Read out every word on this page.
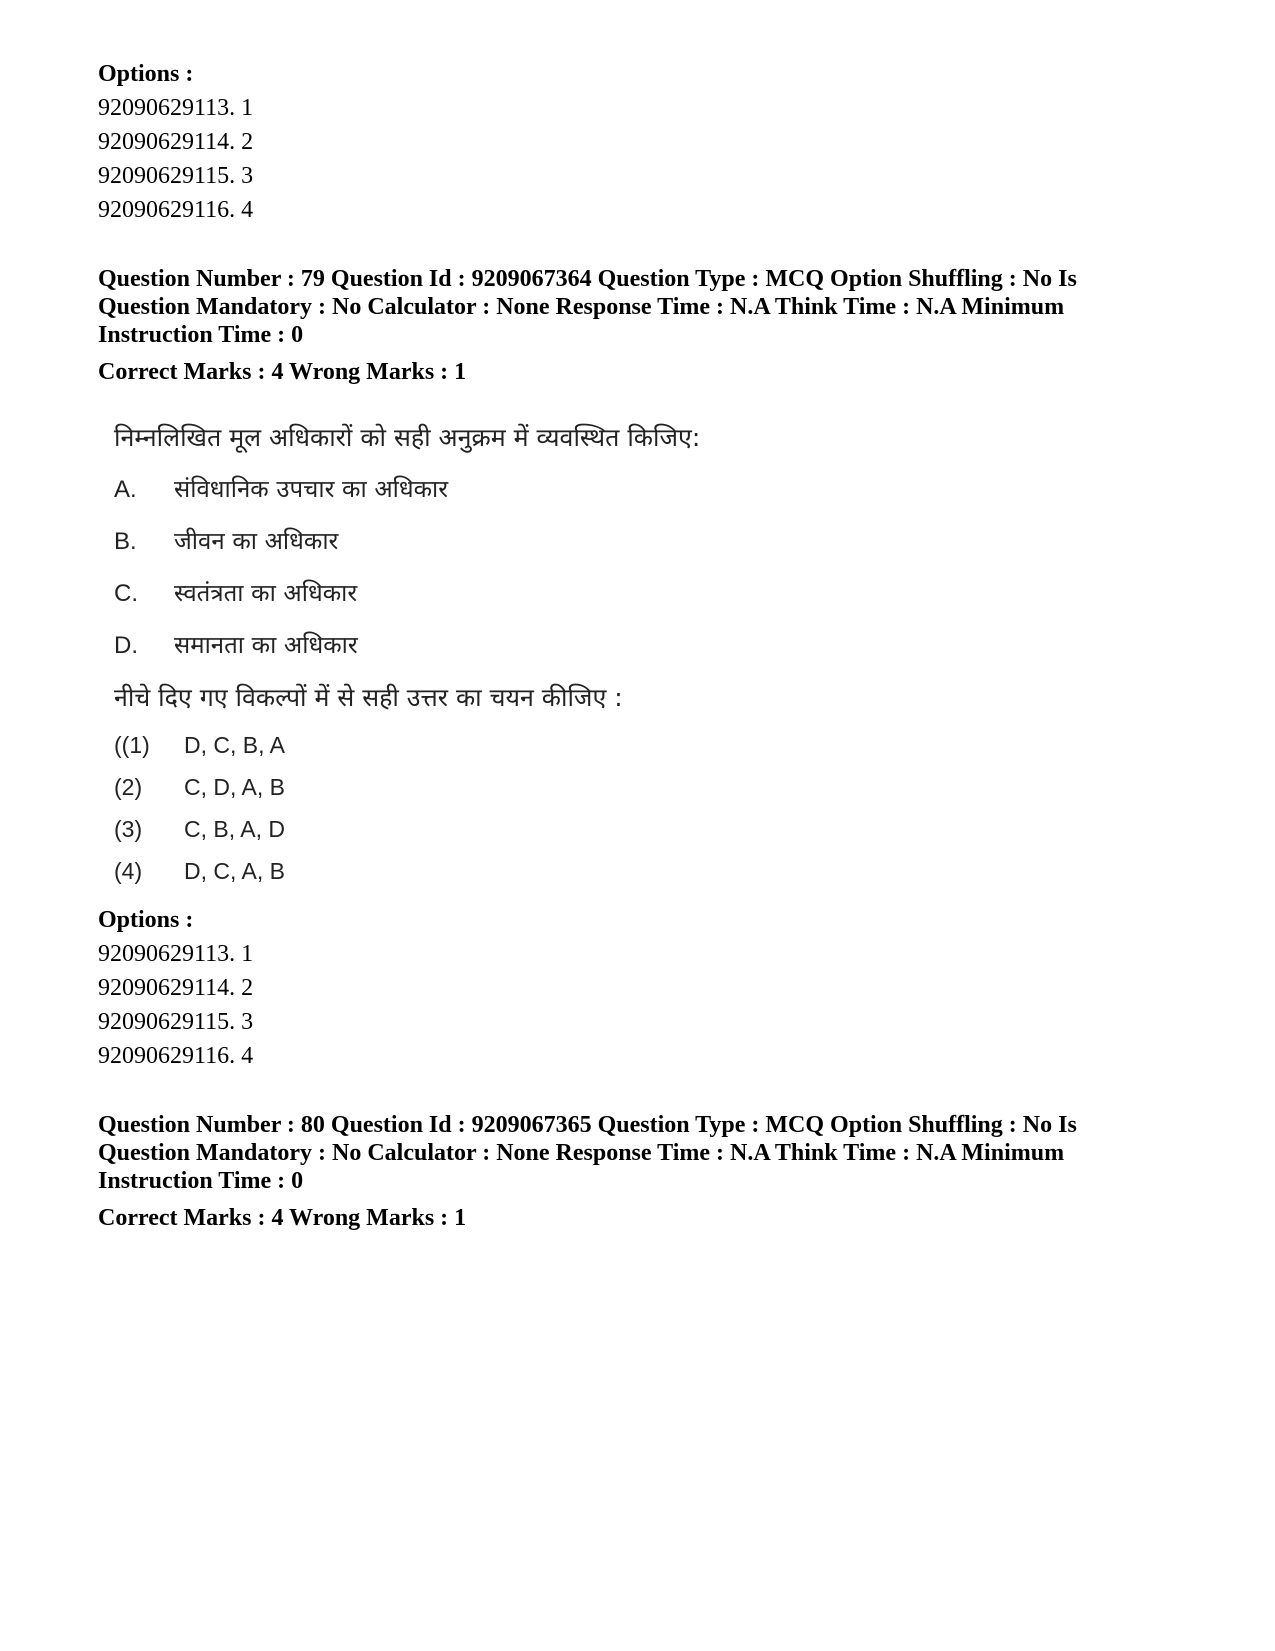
Options :
92090629113. 1
92090629114. 2
92090629115. 3
92090629116. 4
Question Number : 79 Question Id : 9209067364 Question Type : MCQ Option Shuffling : No Is
Question Mandatory : No Calculator : None Response Time : N.A Think Time : N.A Minimum
Instruction Time : 0
Correct Marks : 4 Wrong Marks : 1
निम्नलिखित मूल अधिकारों को सही अनुक्रम में व्यवस्थित किजिए:
A. संविधानिक उपचार का अधिकार
B. जीवन का अधिकार
C. स्वतंत्रता का अधिकार
D. समानता का अधिकार
नीचे दिए गए विकल्पों में से सही उत्तर का चयन कीजिए :
((1) D, C, B, A
(2) C, D, A, B
(3) C, B, A, D
(4) D, C, A, B
Options :
92090629113. 1
92090629114. 2
92090629115. 3
92090629116. 4
Question Number : 80 Question Id : 9209067365 Question Type : MCQ Option Shuffling : No Is
Question Mandatory : No Calculator : None Response Time : N.A Think Time : N.A Minimum
Instruction Time : 0
Correct Marks : 4 Wrong Marks : 1
